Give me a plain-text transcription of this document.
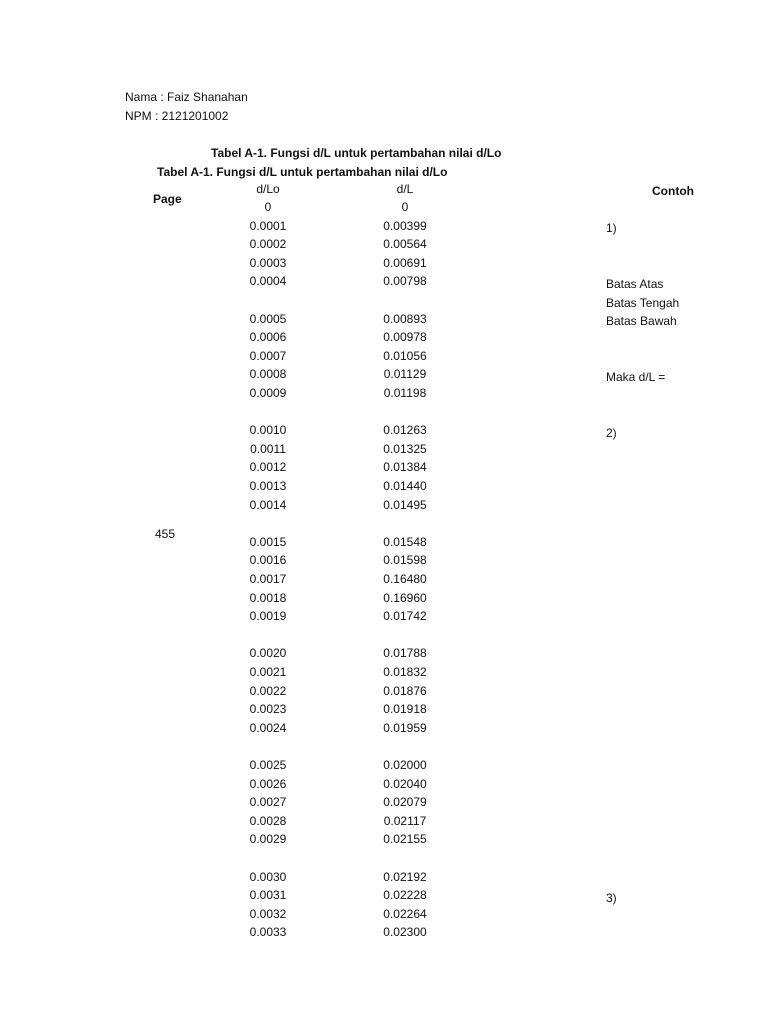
Nama : Faiz Shanahan
NPM : 2121201002
Tabel A-1. Fungsi d/L untuk pertambahan nilai d/Lo
Tabel A-1. Fungsi d/L untuk pertambahan nilai d/Lo
Page
455
d/Lo	d/L	Contoh
1)
Batas Atas
Batas Tengah
Batas Bawah
Maka d/L =
2)
3)
0	0
0.0001	0.00399
0.0002	0.00564
0.0003	0.00691
0.0004	0.00798
0.0005	0.00893
0.0006	0.00978
0.0007	0.01056
0.0008	0.01129
0.0009	0.01198
0.0010	0.01263
0.0011	0.01325
0.0012	0.01384
0.0013	0.01440
0.0014	0.01495
0.0015	0.01548
0.0016	0.01598
0.0017	0.16480
0.0018	0.16960
0.0019	0.01742
0.0020	0.01788
0.0021	0.01832
0.0022	0.01876
0.0023	0.01918
0.0024	0.01959
0.0025	0.02000
0.0026	0.02040
0.0027	0.02079
0.0028	0.02117
0.0029	0.02155
0.0030	0.02192
0.0031	0.02228
0.0032	0.02264
0.0033	0.02300
